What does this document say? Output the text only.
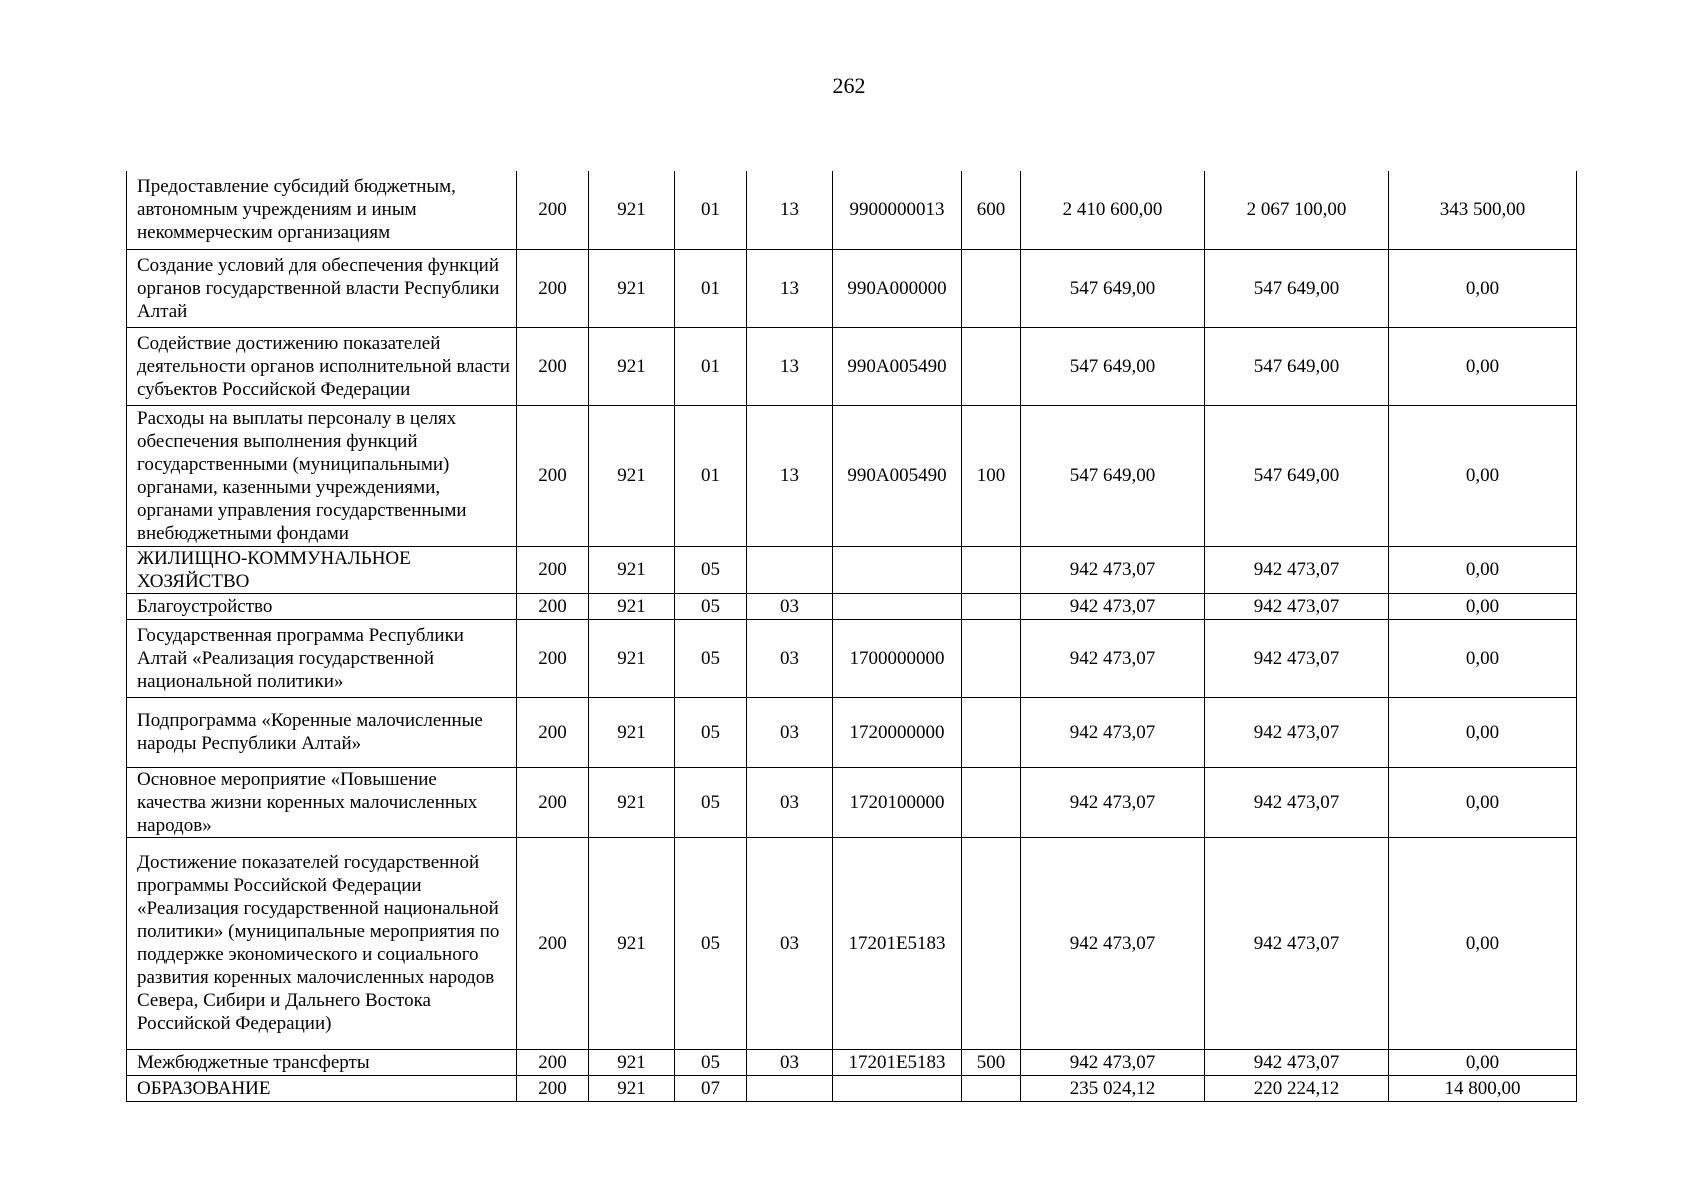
262
Предоставление субсидий бюджетным, автономным учреждениям и иным некоммерческим организациям	200	921	01	13	9900000013	600	2 410 600,00	2 067 100,00	343 500,00
Создание условий для обеспечения функций органов государственной власти Республики Алтай	200	921	01	13	990А000000		547 649,00	547 649,00	0,00
Содействие достижению показателей деятельности органов исполнительной власти субъектов Российской Федерации	200	921	01	13	990А005490		547 649,00	547 649,00	0,00
Расходы на выплаты персоналу в целях обеспечения выполнения функций государственными (муниципальными) органами, казенными учреждениями, органами управления государственными внебюджетными фондами	200	921	01	13	990А005490	100	547 649,00	547 649,00	0,00
ЖИЛИЩНО-КОММУНАЛЬНОЕ ХОЗЯЙСТВО	200	921	05				942 473,07	942 473,07	0,00
Благоустройство	200	921	05	03			942 473,07	942 473,07	0,00
Государственная программа Республики Алтай «Реализация государственной национальной политики»	200	921	05	03	1700000000		942 473,07	942 473,07	0,00
Подпрограмма «Коренные малочисленные народы Республики Алтай»	200	921	05	03	1720000000		942 473,07	942 473,07	0,00
Основное мероприятие «Повышение качества жизни коренных малочисленных народов»	200	921	05	03	1720100000		942 473,07	942 473,07	0,00
Достижение показателей государственной программы Российской Федерации «Реализация государственной национальной политики» (муниципальные мероприятия по поддержке экономического и социального развития коренных малочисленных народов Севера, Сибири и Дальнего Востока Российской Федерации)	200	921	05	03	17201E5183		942 473,07	942 473,07	0,00
Межбюджетные трансферты	200	921	05	03	17201E5183	500	942 473,07	942 473,07	0,00
ОБРАЗОВАНИЕ	200	921	07				235 024,12	220 224,12	14 800,00
